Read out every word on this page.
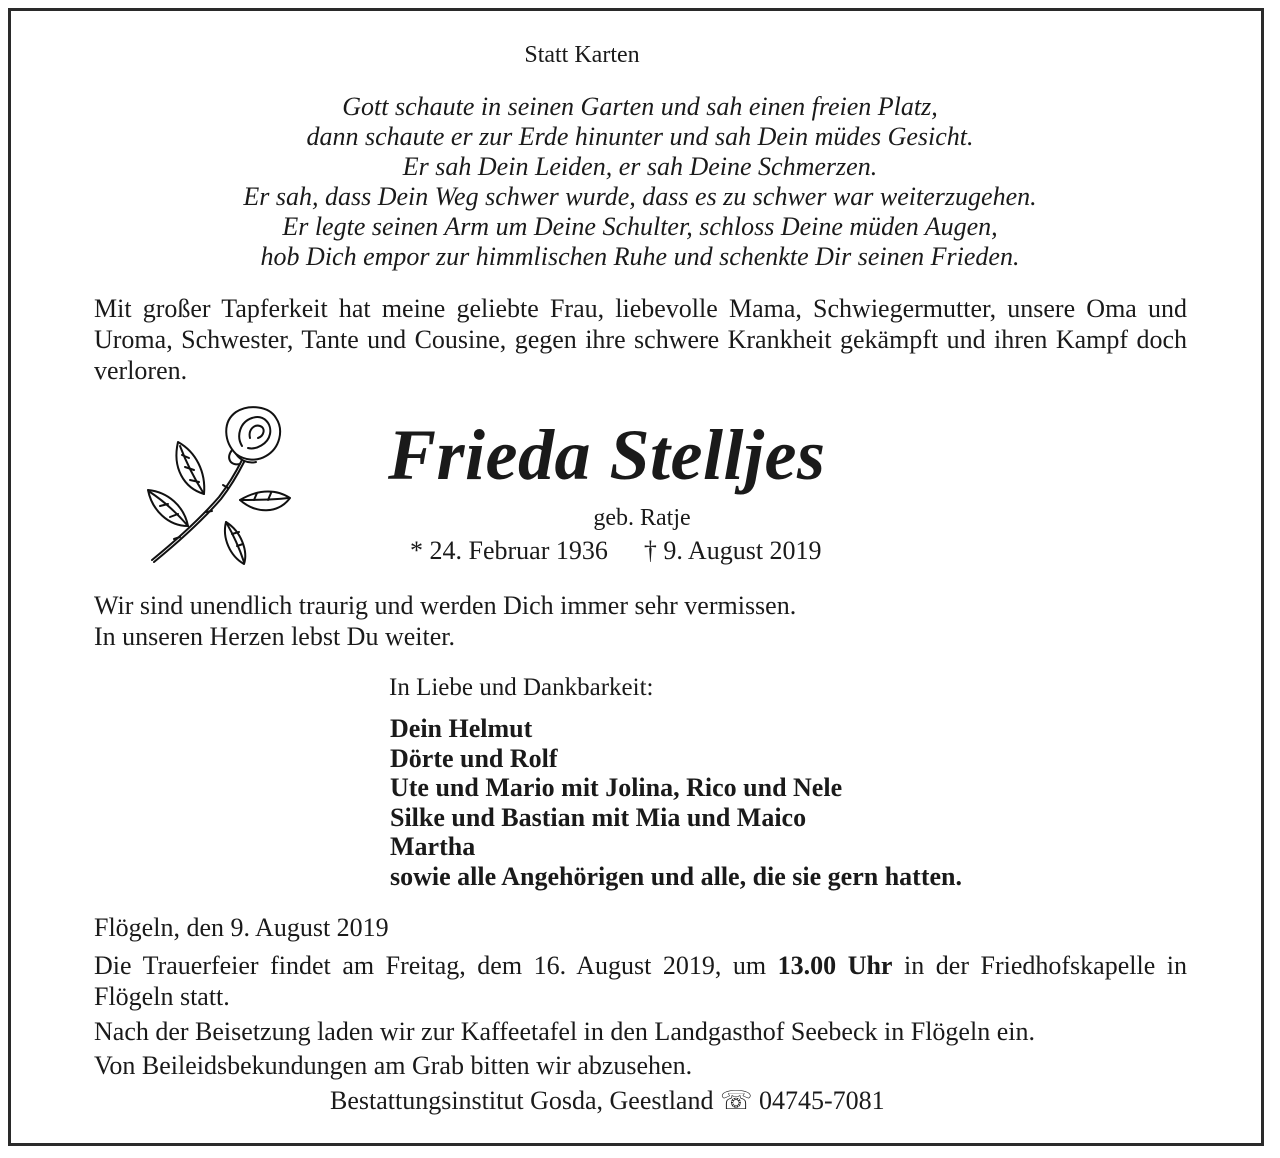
Statt Karten

Gott schaute in seinen Garten und sah einen freien Platz,
dann schaute er zur Erde hinunter und sah Dein müdes Gesicht.
Er sah Dein Leiden, er sah Deine Schmerzen.
Er sah, dass Dein Weg schwer wurde, dass es zu schwer war weiterzugehen.
Er legte seinen Arm um Deine Schulter, schloss Deine müden Augen,
hob Dich empor zur himmlischen Ruhe und schenkte Dir seinen Frieden.

Mit großer Tapferkeit hat meine geliebte Frau, liebevolle Mama, Schwiegermutter, unsere Oma und Uroma, Schwester, Tante und Cousine, gegen ihre schwere Krankheit gekämpft und ihren Kampf doch verloren.

Frieda Stelljes

geb. Ratje

* 24. Februar 1936 † 9. August 2019

Wir sind unendlich traurig und werden Dich immer sehr vermissen.
In unseren Herzen lebst Du weiter.

In Liebe und Dankbarkeit:

Dein Helmut
Dörte und Rolf
Ute und Mario mit Jolina, Rico und Nele
Silke und Bastian mit Mia und Maico
Martha
sowie alle Angehörigen und alle, die sie gern hatten.

Flögeln, den 9. August 2019

Die Trauerfeier findet am Freitag, dem 16. August 2019, um 13.00 Uhr in der Friedhofskapelle in Flögeln statt.

Nach der Beisetzung laden wir zur Kaffeetafel in den Landgasthof Seebeck in Flögeln ein.

Von Beileidsbekundungen am Grab bitten wir abzusehen.

Bestattungsinstitut Gosda, Geestland ☏ 04745-7081
